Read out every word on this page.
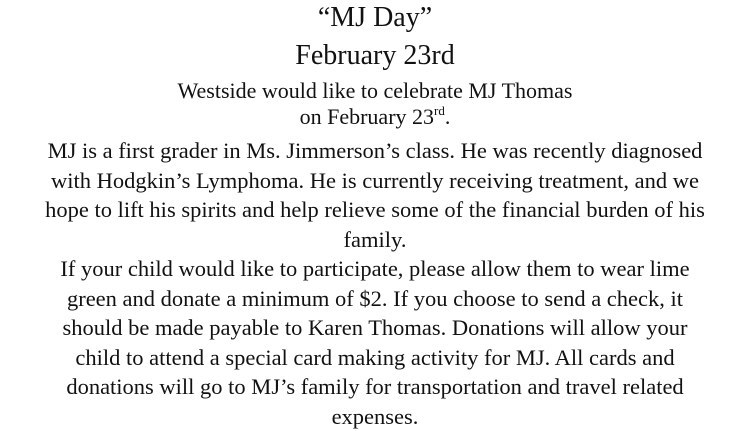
“MJ Day”
February 23rd
Westside would like to celebrate MJ Thomas
on February 23rd.
MJ is a first grader in Ms. Jimmerson’s class. He was recently diagnosed
with Hodgkin’s Lymphoma. He is currently receiving treatment, and we
hope to lift his spirits and help relieve some of the financial burden of his
family.
If your child would like to participate, please allow them to wear lime
green and donate a minimum of $2. If you choose to send a check, it
should be made payable to Karen Thomas. Donations will allow your
child to attend a special card making activity for MJ. All cards and
donations will go to MJ’s family for transportation and travel related
expenses.
